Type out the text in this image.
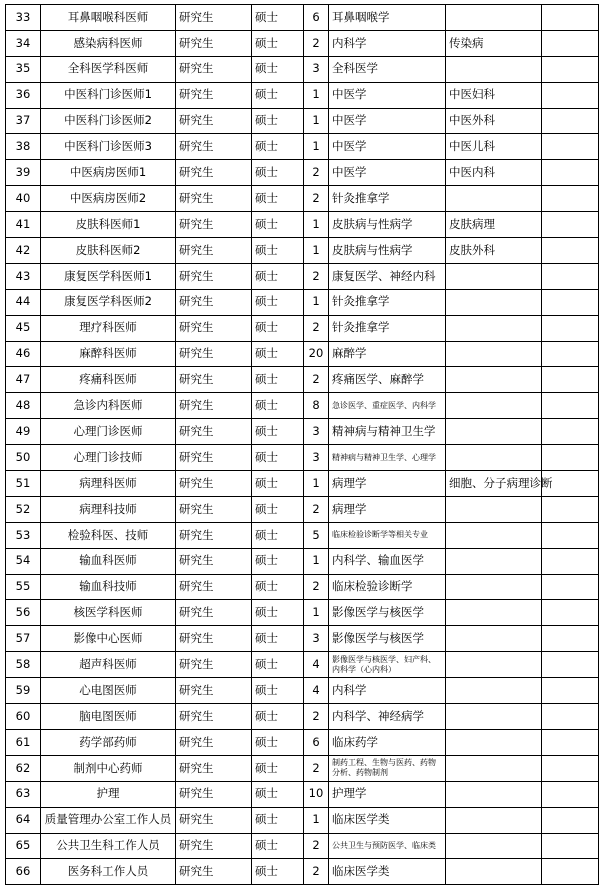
33	耳鼻咽喉科医师	研究生	硕士	6	耳鼻咽喉学		
34	感染病科医师	研究生	硕士	2	内科学	传染病	
35	全科医学科医师	研究生	硕士	3	全科医学		
36	中医科门诊医师1	研究生	硕士	1	中医学	中医妇科	
37	中医科门诊医师2	研究生	硕士	1	中医学	中医外科	
38	中医科门诊医师3	研究生	硕士	1	中医学	中医儿科	
39	中医病房医师1	研究生	硕士	2	中医学	中医内科	
40	中医病房医师2	研究生	硕士	2	针灸推拿学		
41	皮肤科医师1	研究生	硕士	1	皮肤病与性病学	皮肤病理	
42	皮肤科医师2	研究生	硕士	1	皮肤病与性病学	皮肤外科	
43	康复医学科医师1	研究生	硕士	2	康复医学、神经内科		
44	康复医学科医师2	研究生	硕士	1	针灸推拿学		
45	理疗科医师	研究生	硕士	2	针灸推拿学		
46	麻醉科医师	研究生	硕士	20	麻醉学		
47	疼痛科医师	研究生	硕士	2	疼痛医学、麻醉学		
48	急诊内科医师	研究生	硕士	8	急诊医学、重症医学、内科学		
49	心理门诊医师	研究生	硕士	3	精神病与精神卫生学		
50	心理门诊技师	研究生	硕士	3	精神病与精神卫生学、心理学		
51	病理科医师	研究生	硕士	1	病理学	细胞、分子病理诊断	
52	病理科技师	研究生	硕士	2	病理学		
53	检验科医、技师	研究生	硕士	5	临床检验诊断学等相关专业		
54	输血科医师	研究生	硕士	1	内科学、输血医学		
55	输血科技师	研究生	硕士	2	临床检验诊断学		
56	核医学科医师	研究生	硕士	1	影像医学与核医学		
57	影像中心医师	研究生	硕士	3	影像医学与核医学		
58	超声科医师	研究生	硕士	4	影像医学与核医学、妇产科、内科学（心内科）		
59	心电图医师	研究生	硕士	4	内科学		
60	脑电图医师	研究生	硕士	2	内科学、神经病学		
61	药学部药师	研究生	硕士	6	临床药学		
62	制剂中心药师	研究生	硕士	2	制药工程、生物与医药、药物分析、药物制剂		
63	护理	研究生	硕士	10	护理学		
64	质量管理办公室工作人员	研究生	硕士	1	临床医学类		
65	公共卫生科工作人员	研究生	硕士	2	公共卫生与预防医学、临床类		
66	医务科工作人员	研究生	硕士	2	临床医学类		
